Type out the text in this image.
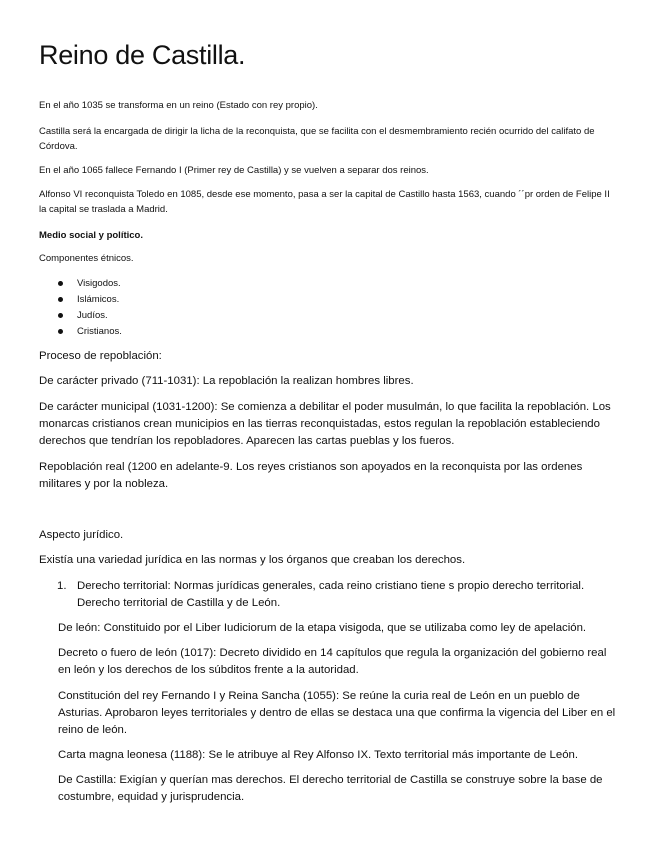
Reino de Castilla.

En el año 1035 se transforma en un reino (Estado con rey propio).

Castilla será la encargada de dirigir la licha de la reconquista, que se facilita con el desmembramiento recién ocurrido del califato de Córdova.

En el año 1065 fallece Fernando I (Primer rey de Castilla) y se vuelven a separar dos reinos.

Alfonso VI reconquista Toledo en 1085, desde ese momento, pasa a ser la capital de Castillo hasta 1563, cuando ´´pr orden de Felipe II la capital se traslada a Madrid.

Medio social y político.

Componentes étnicos.

Visigodos.
Islámicos.
Judíos.
Cristianos.

Proceso de repoblación:

De carácter privado (711-1031): La repoblación la realizan hombres libres.

De carácter municipal (1031-1200): Se comienza a debilitar el poder musulmán, lo que facilita la repoblación. Los monarcas cristianos crean municipios en las tierras reconquistadas, estos regulan la repoblación estableciendo derechos que tendrían los repobladores. Aparecen las cartas pueblas y los fueros.

Repoblación real (1200 en adelante-9. Los reyes cristianos son apoyados en la reconquista por las ordenes militares y por la nobleza.

Aspecto jurídico.

Existía una variedad jurídica en las normas y los órganos que creaban los derechos.

1. Derecho territorial: Normas jurídicas generales, cada reino cristiano tiene s propio derecho territorial. Derecho territorial de Castilla y de León.

De león: Constituido por el Liber Iudiciorum de la etapa visigoda, que se utilizaba como ley de apelación.

Decreto o fuero de león (1017): Decreto dividido en 14 capítulos que regula la organización del gobierno real en león y los derechos de los súbditos frente a la autoridad.

Constitución del rey Fernando I y Reina Sancha (1055): Se reúne la curia real de León en un pueblo de Asturias. Aprobaron leyes territoriales y dentro de ellas se destaca una que confirma la vigencia del Liber en el reino de león.

Carta magna leonesa (1188): Se le atribuye al Rey Alfonso IX. Texto territorial más importante de León.

De Castilla: Exigían y querían mas derechos. El derecho territorial de Castilla se construye sobre la base de costumbre, equidad y jurisprudencia.
